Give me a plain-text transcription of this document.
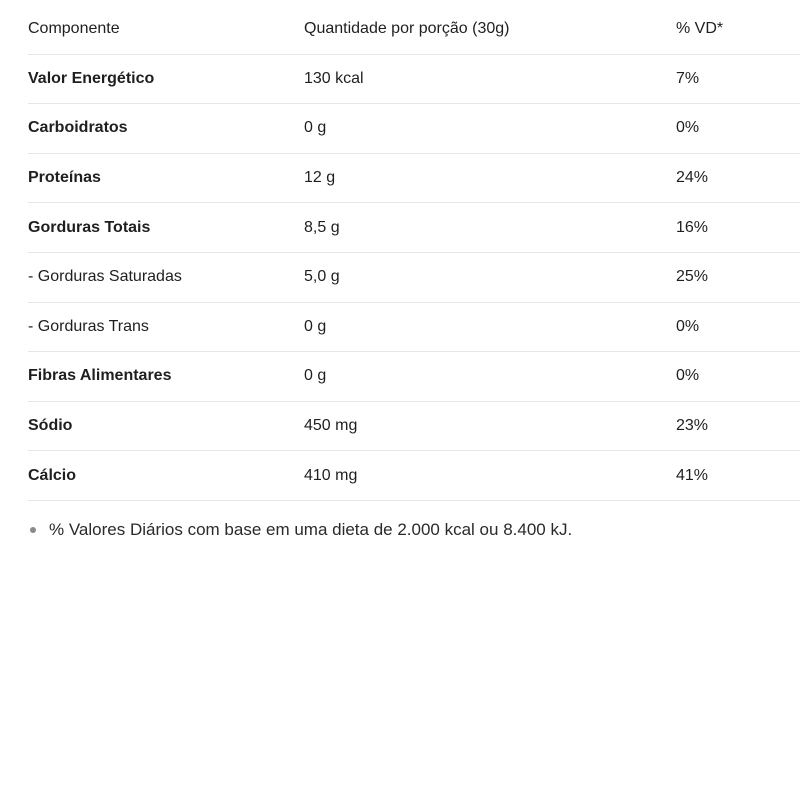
Componente	Quantidade por porção (30g)	% VD*
Valor Energético	130 kcal	7%
Carboidratos	0 g	0%
Proteínas	12 g	24%
Gorduras Totais	8,5 g	16%
- Gorduras Saturadas	5,0 g	25%
- Gorduras Trans	0 g	0%
Fibras Alimentares	0 g	0%
Sódio	450 mg	23%
Cálcio	410 mg	41%
% Valores Diários com base em uma dieta de 2.000 kcal ou 8.400 kJ.
